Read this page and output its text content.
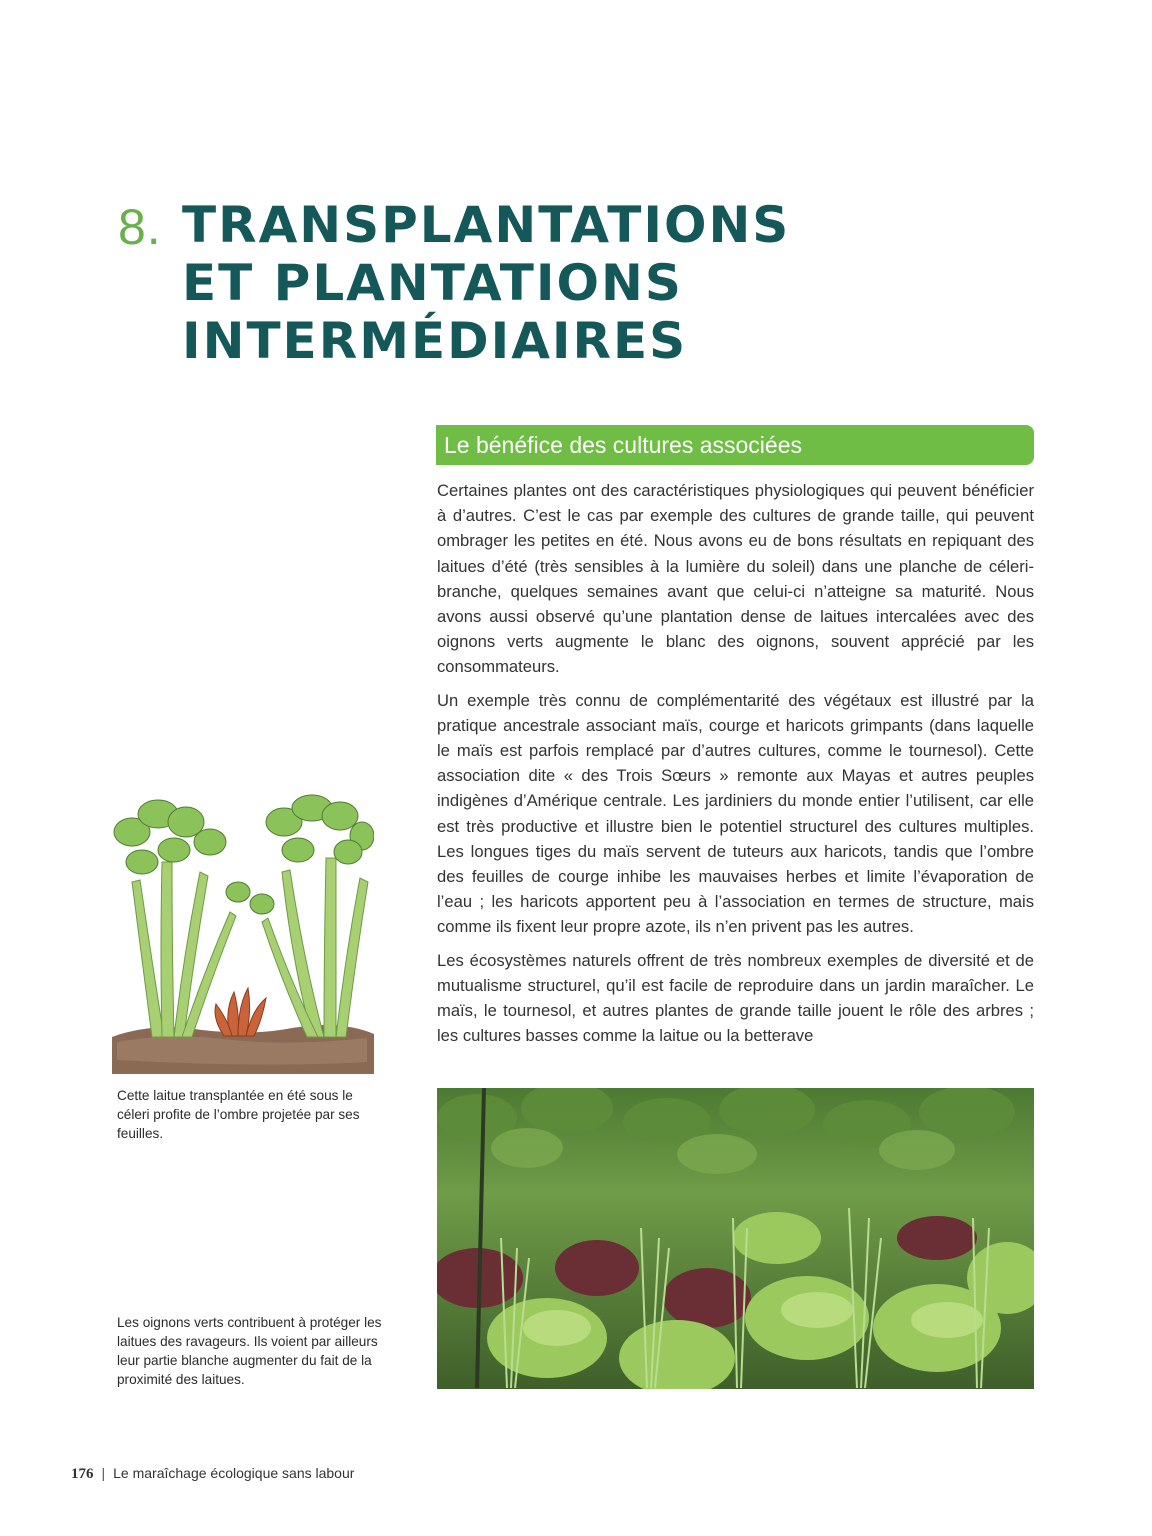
8. TRANSPLANTATIONS
ET PLANTATIONS
INTERMÉDIAIRES
Le bénéfice des cultures associées

Certaines plantes ont des caractéristiques physiologiques qui peuvent bénéficier à d’autres. C’est le cas par exemple des cultures de grande taille, qui peuvent ombrager les petites en été. Nous avons eu de bons résultats en repiquant des laitues d’été (très sensibles à la lumière du soleil) dans une planche de céleri-branche, quelques semaines avant que celui-ci n’atteigne sa maturité. Nous avons aussi observé qu’une plantation dense de laitues intercalées avec des oignons verts augmente le blanc des oignons, souvent apprécié par les consommateurs.

Un exemple très connu de complémentarité des végétaux est illustré par la pratique ancestrale associant maïs, courge et haricots grimpants (dans laquelle le maïs est parfois remplacé par d’autres cultures, comme le tournesol). Cette association dite « des Trois Sœurs » remonte aux Mayas et autres peuples indigènes d’Amérique centrale. Les jardiniers du monde entier l’utilisent, car elle est très productive et illustre bien le potentiel structurel des cultures multiples. Les longues tiges du maïs servent de tuteurs aux haricots, tandis que l’ombre des feuilles de courge inhibe les mauvaises herbes et limite l’évaporation de l’eau ; les haricots apportent peu à l’association en termes de structure, mais comme ils fixent leur propre azote, ils n’en privent pas les autres.

Les écosystèmes naturels offrent de très nombreux exemples de diversité et de mutualisme structurel, qu’il est facile de reproduire dans un jardin maraîcher. Le maïs, le tournesol, et autres plantes de grande taille jouent le rôle des arbres ; les cultures basses comme la laitue ou la betterave

Cette laitue transplantée en été sous le céleri profite de l’ombre projetée par ses feuilles.
Les oignons verts contribuent à protéger les laitues des ravageurs. Ils voient par ailleurs leur partie blanche augmenter du fait de la proximité des laitues.
176 | Le maraîchage écologique sans labour
